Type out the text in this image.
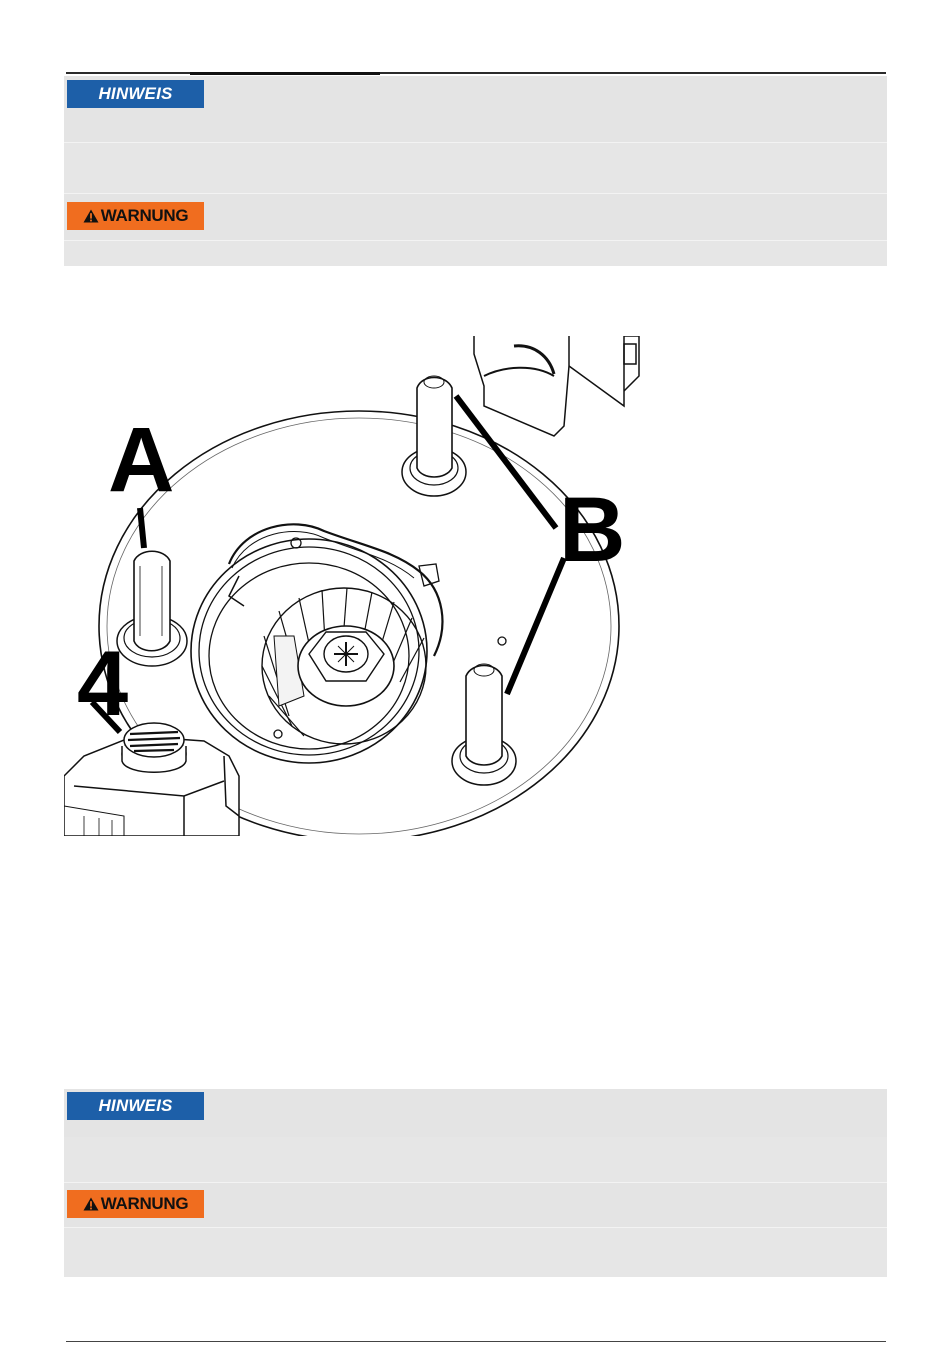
HINWEIS
WARNUNG
A
B
4
HINWEIS
WARNUNG
